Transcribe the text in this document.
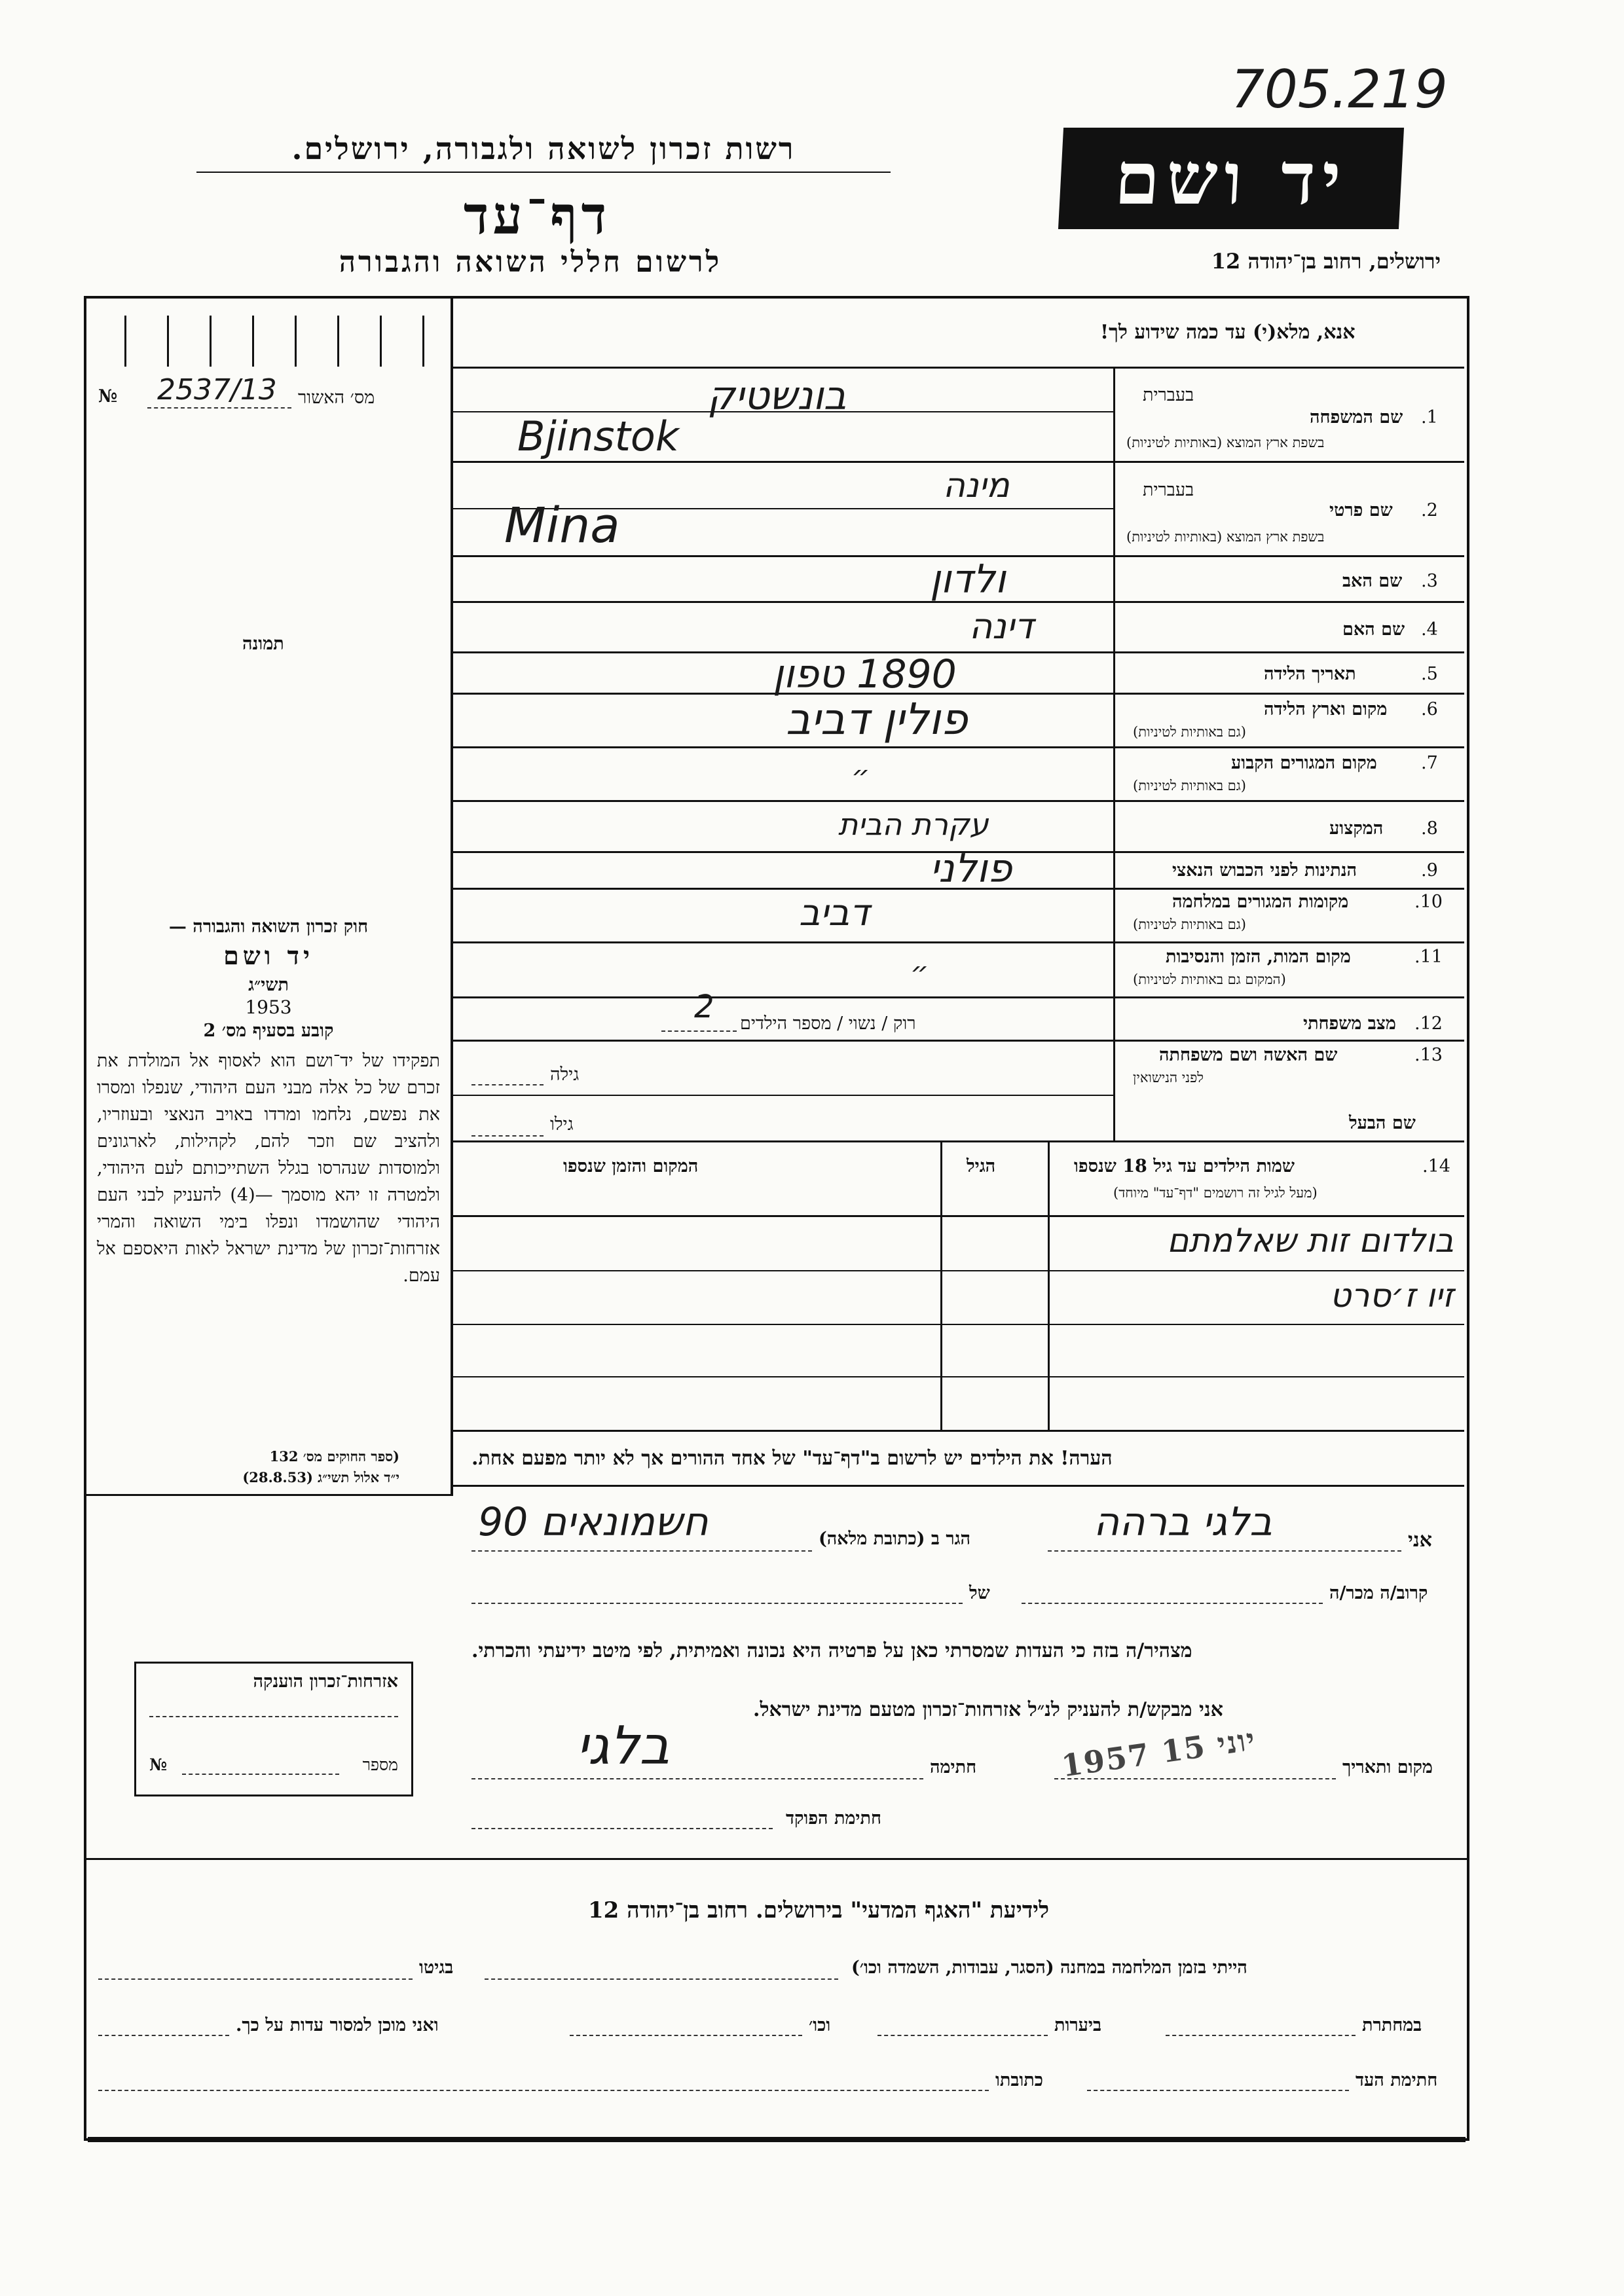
705.219
רשות זכרון לשואה ולגבורה, ירושלים.
דף־עד
לרשום חללי השואה והגבורה
יד ושם
ירושלים, רחוב בן־יהודה 12
№ 2537/13 מס׳ האשור
תמונה
אנא, מלא(י) עד כמה שידוע לך!
בעברית
בעברית
1.
שם המשפחה
בשפת ארץ המוצא (באותיות לטיניות)
בונשטיק
Bjinstok
2.
שם פרטי
בשפת ארץ המוצא (באותיות לטיניות)
מינה
Mina
3.
שם האב
ולדון
4.
שם האם
דינה
5.
תאריך הלידה
1890 טפון
6.
מקום וארץ הלידה
(גם באותיות לטיניות)
פולין דביב
7.
מקום המגורים הקבוע
(גם באותיות לטיניות)
״
8.
המקצוע
עקרת הבית
9.
הנתינות לפני הכבוש הנאצי
פולני
10.
מקומות המגורים במלחמה
(גם באותיות לטיניות)
דביב
11.
מקום המות, הזמן והנסיבות
(המקום גם באותיות לטיניות)
״
12.
מצב משפחתי
רוק / נשוי / מספר הילדים
2
13.
שם האשה ושם משפחתה
לפני הנישואין
גילה
שם הבעל
גילו
14.
שמות הילדים עד גיל 18 שנספו
(מעל לגיל זה רושמים "דף־עד" מיוחד)
הגיל
המקום והזמן שנספו
בולדום זות שאלמתם
זיו ז׳סרט
הערה! את הילדים יש לרשום ב"דף־עד" של אחד ההורים אך לא יותר מפעם אחת.
חוק זכרון השואה והגבורה —
יד ושם
תשי״ג
1953
קובע בסעיף מס׳ 2
תפקידו של יד־ושם הוא לאסוף אל המולדת את זכרם של כל אלה מבני העם היהודי, שנפלו ומסרו את נפשם, נלחמו ומרדו באויב הנאצי ובעוזריו, ולהציב שם וזכר להם, לקהילות, לארגונים ולמוסדות שנהרסו בגלל השתייכותם לעם היהודי, ולמטרה זו יהא מוסמך —(4) להעניק לבני העם היהודי שהושמדו ונפלו בימי השואה והמרי אזרחות־זכרון של מדינת ישראל לאות היאספם אל עמם.
(ספר החוקים מס׳ 132
י״ד אלול תשי״ג (28.8.53)
אני
בלגי ברהה
הגר ב (כתובת מלאה)
חשמונאים 90
קרוב/ה מכר/ה
של
מצהיר/ה בזה כי העדות שמסרתי כאן על פרטיה היא נכונה ואמיתית, לפי מיטב ידיעתי והכרתי.
אני מבקש/ת להעניק לנ״ל אזרחות־זכרון מטעם מדינת ישראל.
מקום ותאריך
1957 יוני 15
חתימה
בלגי
חתימת הפוקד
אזרחות־זכרון הוענקה
מספר
№
לידיעת "האגף המדעי" בירושלים. רחוב בן־יהודה 12
הייתי בזמן המלחמה במחנה (הסגר, עבודות, השמדה וכו׳)
בגיטו
במחתרת
ביערות
וכו׳
ואני מוכן למסור עדות על כך.
חתימת העד
כתובתו
